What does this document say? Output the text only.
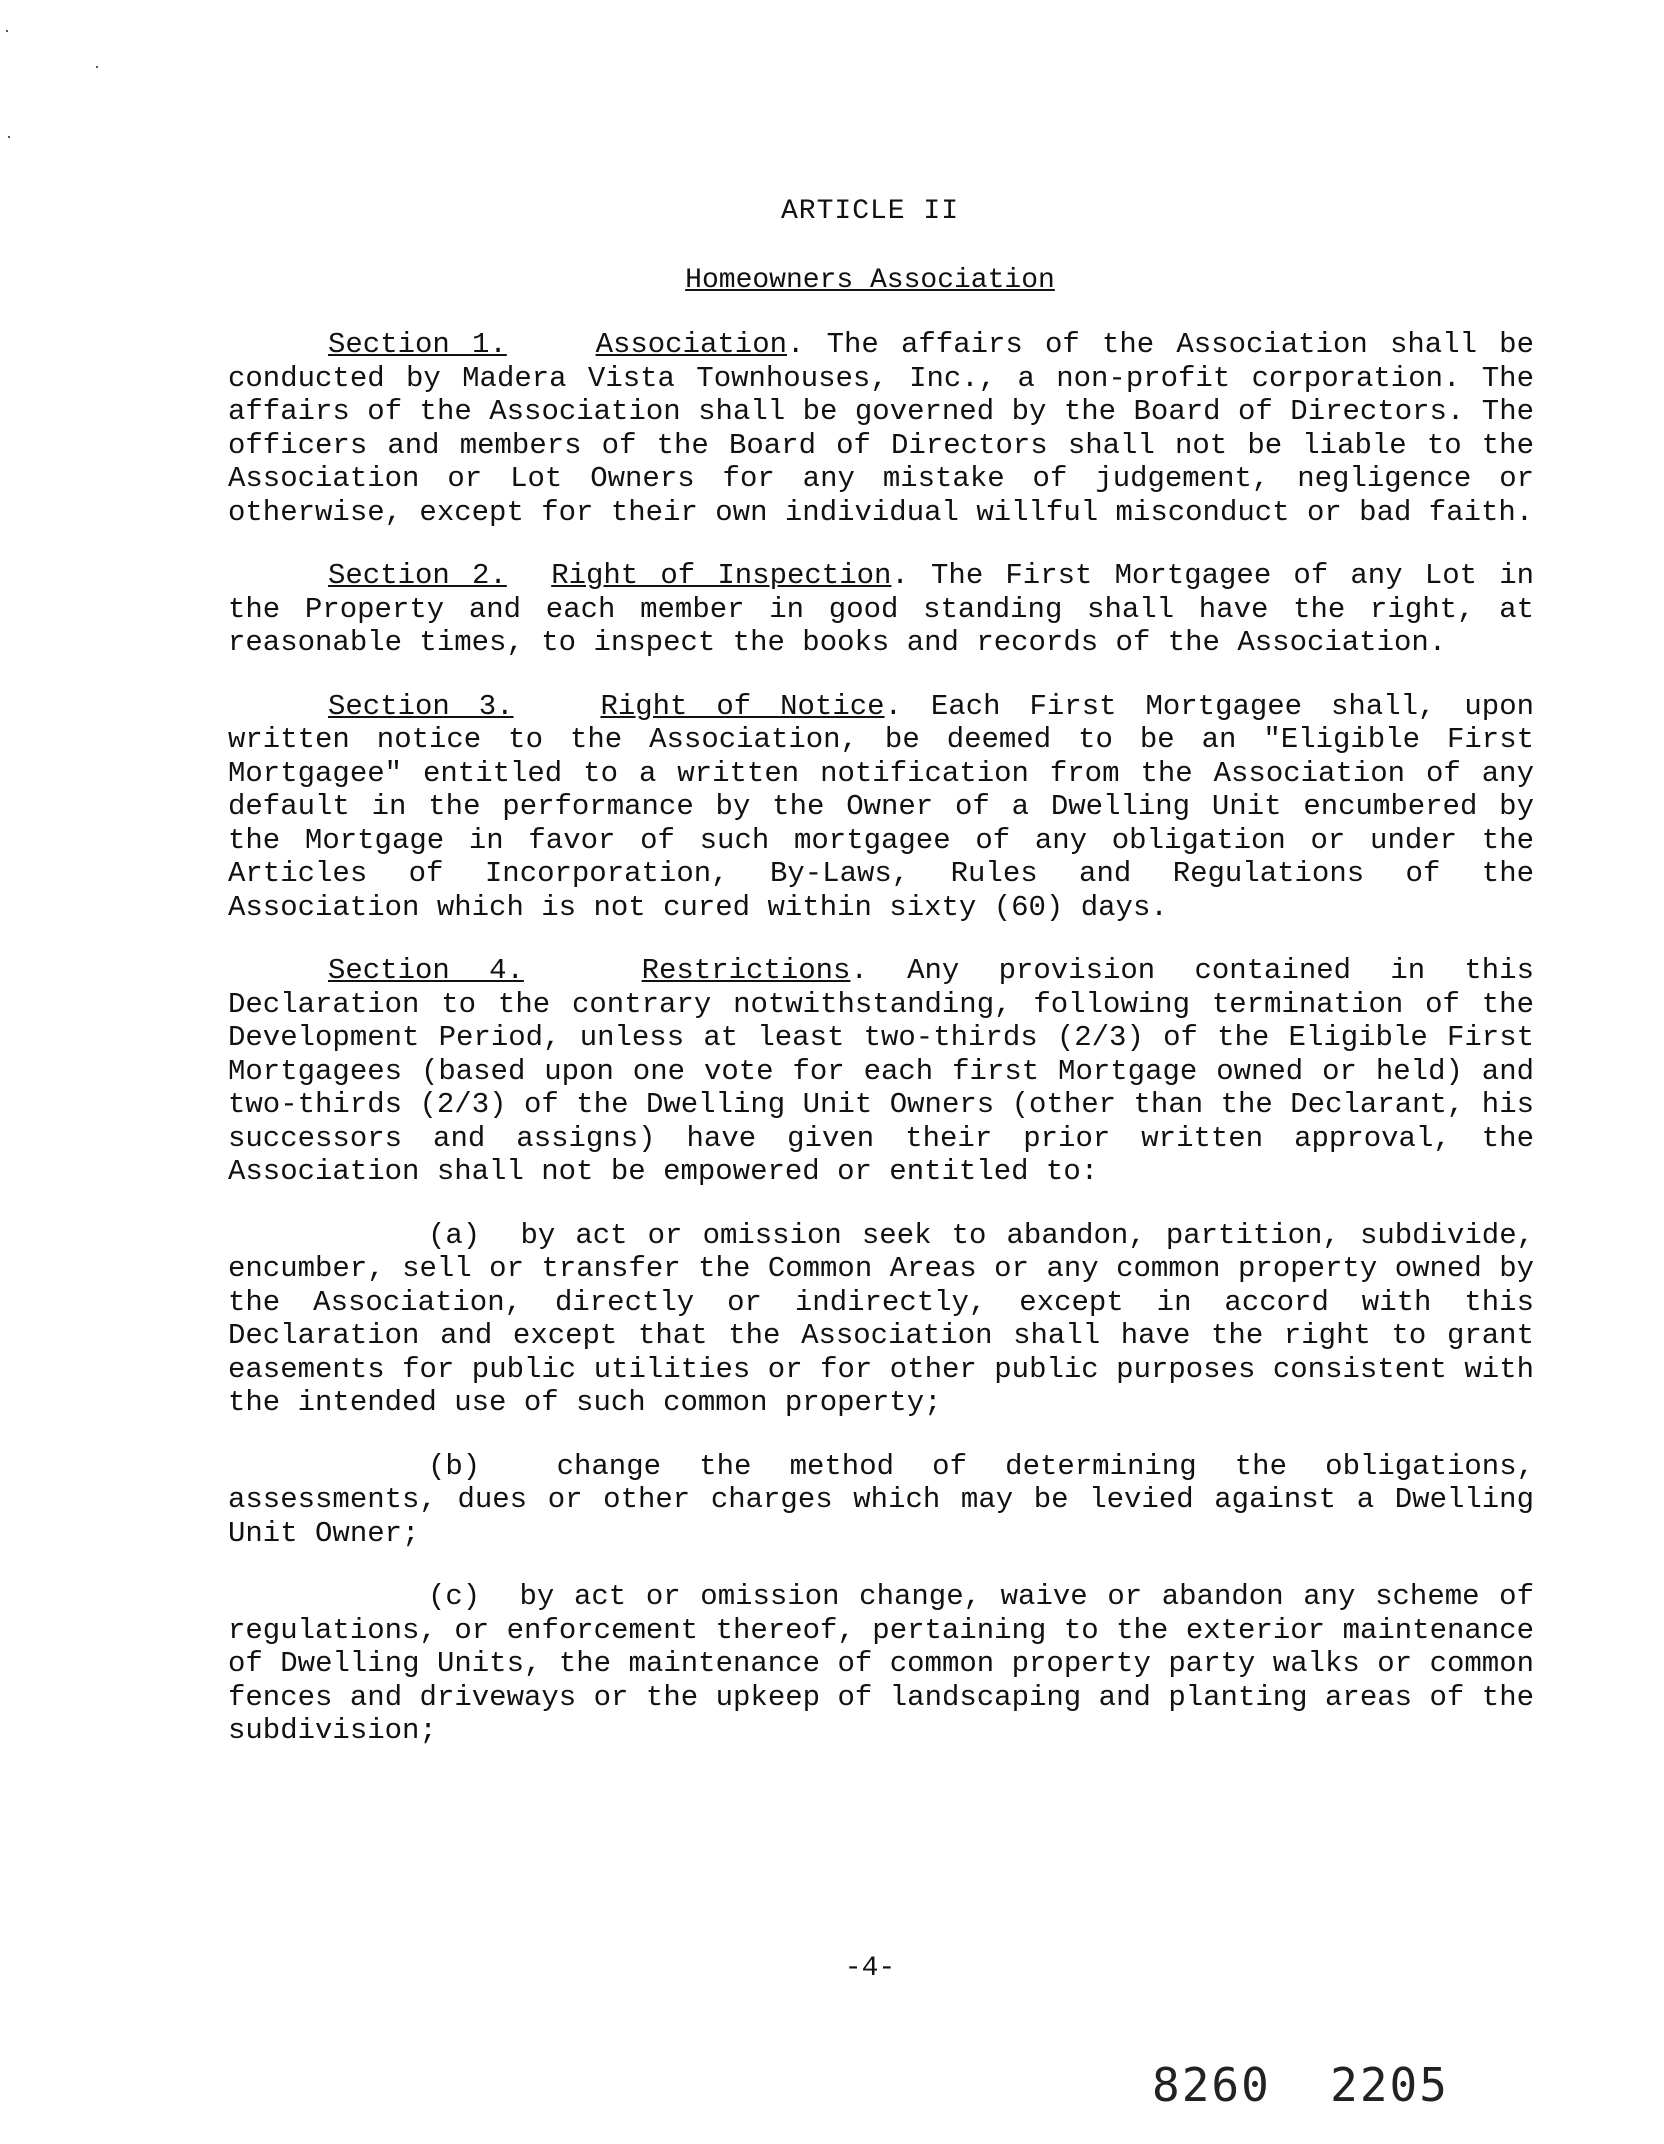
ARTICLE II
Homeowners Association

Section 1.	Association. The affairs of the Association shall be conducted by Madera Vista Townhouses, Inc., a non-profit corporation. The affairs of the Association shall be governed by the Board of Directors. The officers and members of the Board of Directors shall not be liable to the Association or Lot Owners for any mistake of judgement, negligence or otherwise, except for their own individual willful misconduct or bad faith.

Section 2. Right of Inspection. The First Mortgagee of any Lot in the Property and each member in good standing shall have the right, at reasonable times, to inspect the books and records of the Association.

Section 3.	Right of Notice. Each First Mortgagee shall, upon written notice to the Association, be deemed to be an "Eligible First Mortgagee" entitled to a written notification from the Association of any default in the performance by the Owner of a Dwelling Unit encumbered by the Mortgage in favor of such mortgagee of any obligation or under the Articles of Incorporation, By-Laws, Rules and Regulations of the Association which is not cured within sixty (60) days.

Section 4.	Restrictions. Any provision contained in this Declaration to the contrary notwithstanding, following termination of the Development Period, unless at least two-thirds (2/3) of the Eligible First Mortgagees (based upon one vote for each first Mortgage owned or held) and two-thirds (2/3) of the Dwelling Unit Owners (other than the Declarant, his successors and assigns) have given their prior written approval, the Association shall not be empowered or entitled to:

(a) by act or omission seek to abandon, partition, subdivide, encumber, sell or transfer the Common Areas or any common property owned by the Association, directly or indirectly, except in accord with this Declaration and except that the Association shall have the right to grant easements for public utilities or for other public purposes consistent with the intended use of such common property;

(b)	change the method of determining the obligations, assessments, dues or other charges which may be levied against a Dwelling Unit Owner;

(c) by act or omission change, waive or abandon any scheme of regulations, or enforcement thereof, pertaining to the exterior maintenance of Dwelling Units, the maintenance of common property party walks or common fences and driveways or the upkeep of landscaping and planting areas of the subdivision;

-4-
8260  2205
